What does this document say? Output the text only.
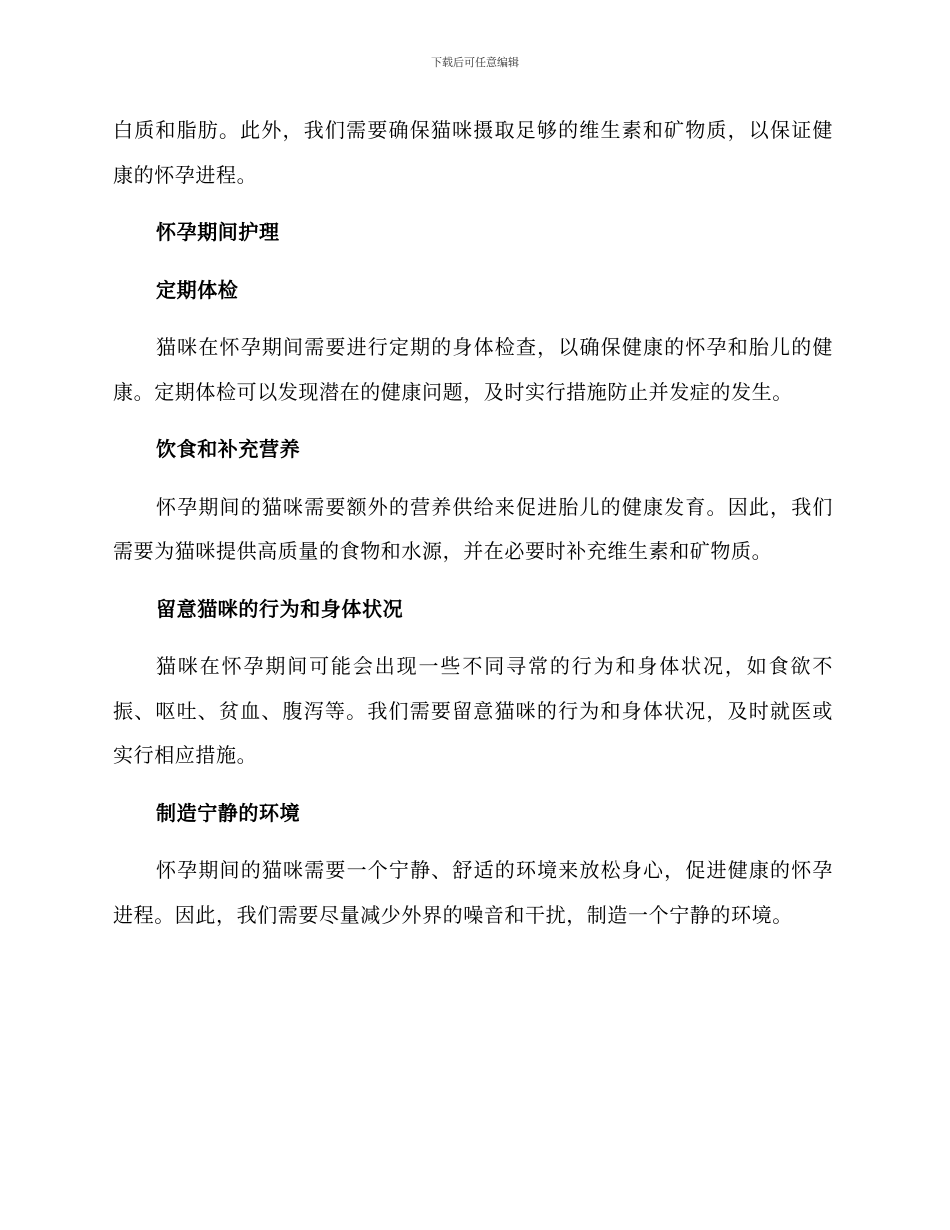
下载后可任意编辑

白质和脂肪。此外，我们需要确保猫咪摄取足够的维生素和矿物质，以保证健康的怀孕进程。

怀孕期间护理
定期体检

猫咪在怀孕期间需要进行定期的身体检查，以确保健康的怀孕和胎儿的健康。定期体检可以发现潜在的健康问题，及时实行措施防止并发症的发生。

饮食和补充营养

怀孕期间的猫咪需要额外的营养供给来促进胎儿的健康发育。因此，我们需要为猫咪提供高质量的食物和水源，并在必要时补充维生素和矿物质。

留意猫咪的行为和身体状况

猫咪在怀孕期间可能会出现一些不同寻常的行为和身体状况，如食欲不振、呕吐、贫血、腹泻等。我们需要留意猫咪的行为和身体状况，及时就医或实行相应措施。

制造宁静的环境

怀孕期间的猫咪需要一个宁静、舒适的环境来放松身心，促进健康的怀孕进程。因此，我们需要尽量减少外界的噪音和干扰，制造一个宁静的环境。
